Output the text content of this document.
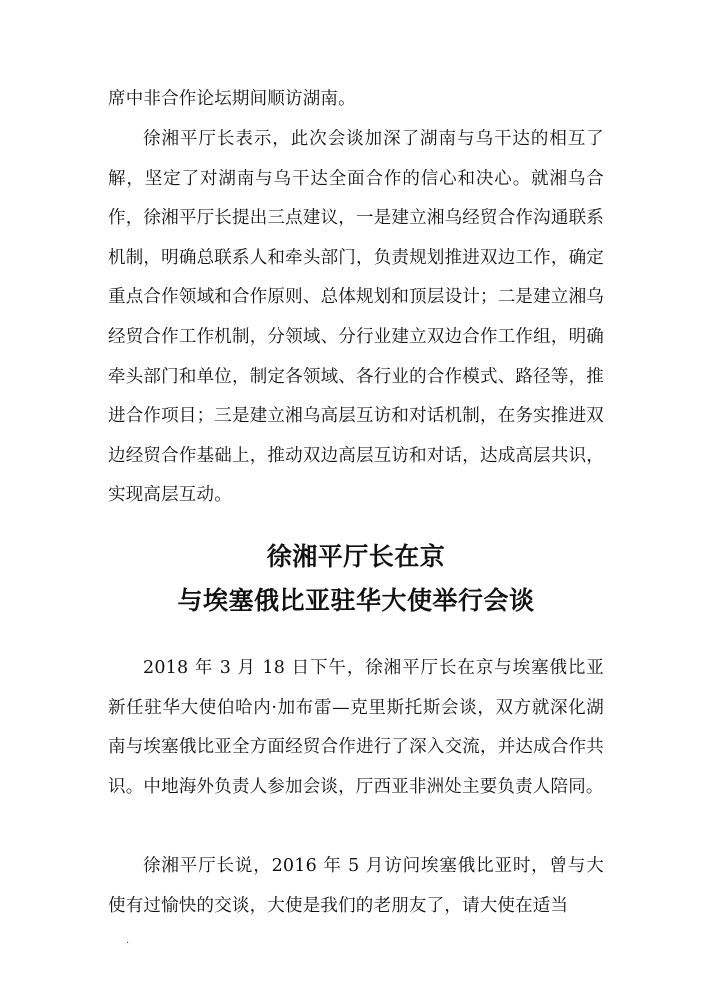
席中非合作论坛期间顺访湖南。

徐湘平厅长表示，此次会谈加深了湖南与乌干达的相互了解，坚定了对湖南与乌干达全面合作的信心和决心。就湘乌合作，徐湘平厅长提出三点建议，一是建立湘乌经贸合作沟通联系机制，明确总联系人和牵头部门，负责规划推进双边工作，确定重点合作领域和合作原则、总体规划和顶层设计；二是建立湘乌经贸合作工作机制，分领域、分行业建立双边合作工作组，明确牵头部门和单位，制定各领域、各行业的合作模式、路径等，推进合作项目；三是建立湘乌高层互访和对话机制，在务实推进双边经贸合作基础上，推动双边高层互访和对话，达成高层共识，实现高层互动。

徐湘平厅长在京
与埃塞俄比亚驻华大使举行会谈

2018 年 3 月 18 日下午，徐湘平厅长在京与埃塞俄比亚新任驻华大使伯哈内·加布雷—克里斯托斯会谈，双方就深化湖南与埃塞俄比亚全方面经贸合作进行了深入交流，并达成合作共识。中地海外负责人参加会谈，厅西亚非洲处主要负责人陪同。

徐湘平厅长说，2016 年 5 月访问埃塞俄比亚时，曾与大使有过愉快的交谈，大使是我们的老朋友了，请大使在适当

.
